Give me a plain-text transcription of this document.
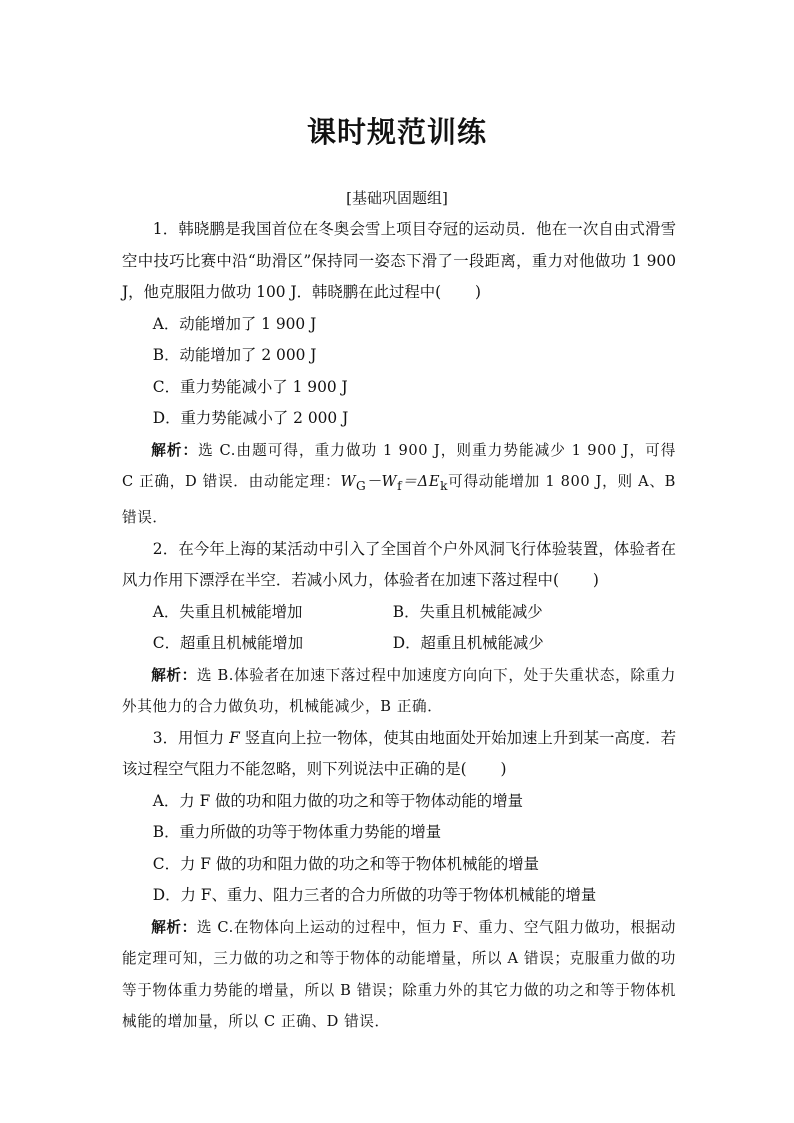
课时规范训练
[基础巩固题组]

1．韩晓鹏是我国首位在冬奥会雪上项目夺冠的运动员．他在一次自由式滑雪空中技巧比赛中沿“助滑区”保持同一姿态下滑了一段距离，重力对他做功 1 900 J，他克服阻力做功 100 J．韩晓鹏在此过程中( )

A．动能增加了 1 900 J

B．动能增加了 2 000 J

C．重力势能减小了 1 900 J

D．重力势能减小了 2 000 J

解析：选 C.由题可得，重力做功 1 900 J，则重力势能减少 1 900 J，可得 C 正确，D 错误．由动能定理：$W_G-W_f=\Delta E_k$可得动能增加 1 800 J，则 A、B 错误．

2．在今年上海的某活动中引入了全国首个户外风洞飞行体验装置，体验者在风力作用下漂浮在半空．若减小风力，体验者在加速下落过程中( )

A．失重且机械能增加	B．失重且机械能减少
C．超重且机械能增加	D．超重且机械能减少

解析：选 B.体验者在加速下落过程中加速度方向向下，处于失重状态，除重力外其他力的合力做负功，机械能减少，B 正确．

3．用恒力 F 竖直向上拉一物体，使其由地面处开始加速上升到某一高度．若该过程空气阻力不能忽略，则下列说法中正确的是( )

A．力 F 做的功和阻力做的功之和等于物体动能的增量

B．重力所做的功等于物体重力势能的增量

C．力 F 做的功和阻力做的功之和等于物体机械能的增量

D．力 F、重力、阻力三者的合力所做的功等于物体机械能的增量

解析：选 C.在物体向上运动的过程中，恒力 F、重力、空气阻力做功，根据动能定理可知，三力做的功之和等于物体的动能增量，所以 A 错误；克服重力做的功等于物体重力势能的增量，所以 B 错误；除重力外的其它力做的功之和等于物体机械能的增加量，所以 C 正确、D 错误．
